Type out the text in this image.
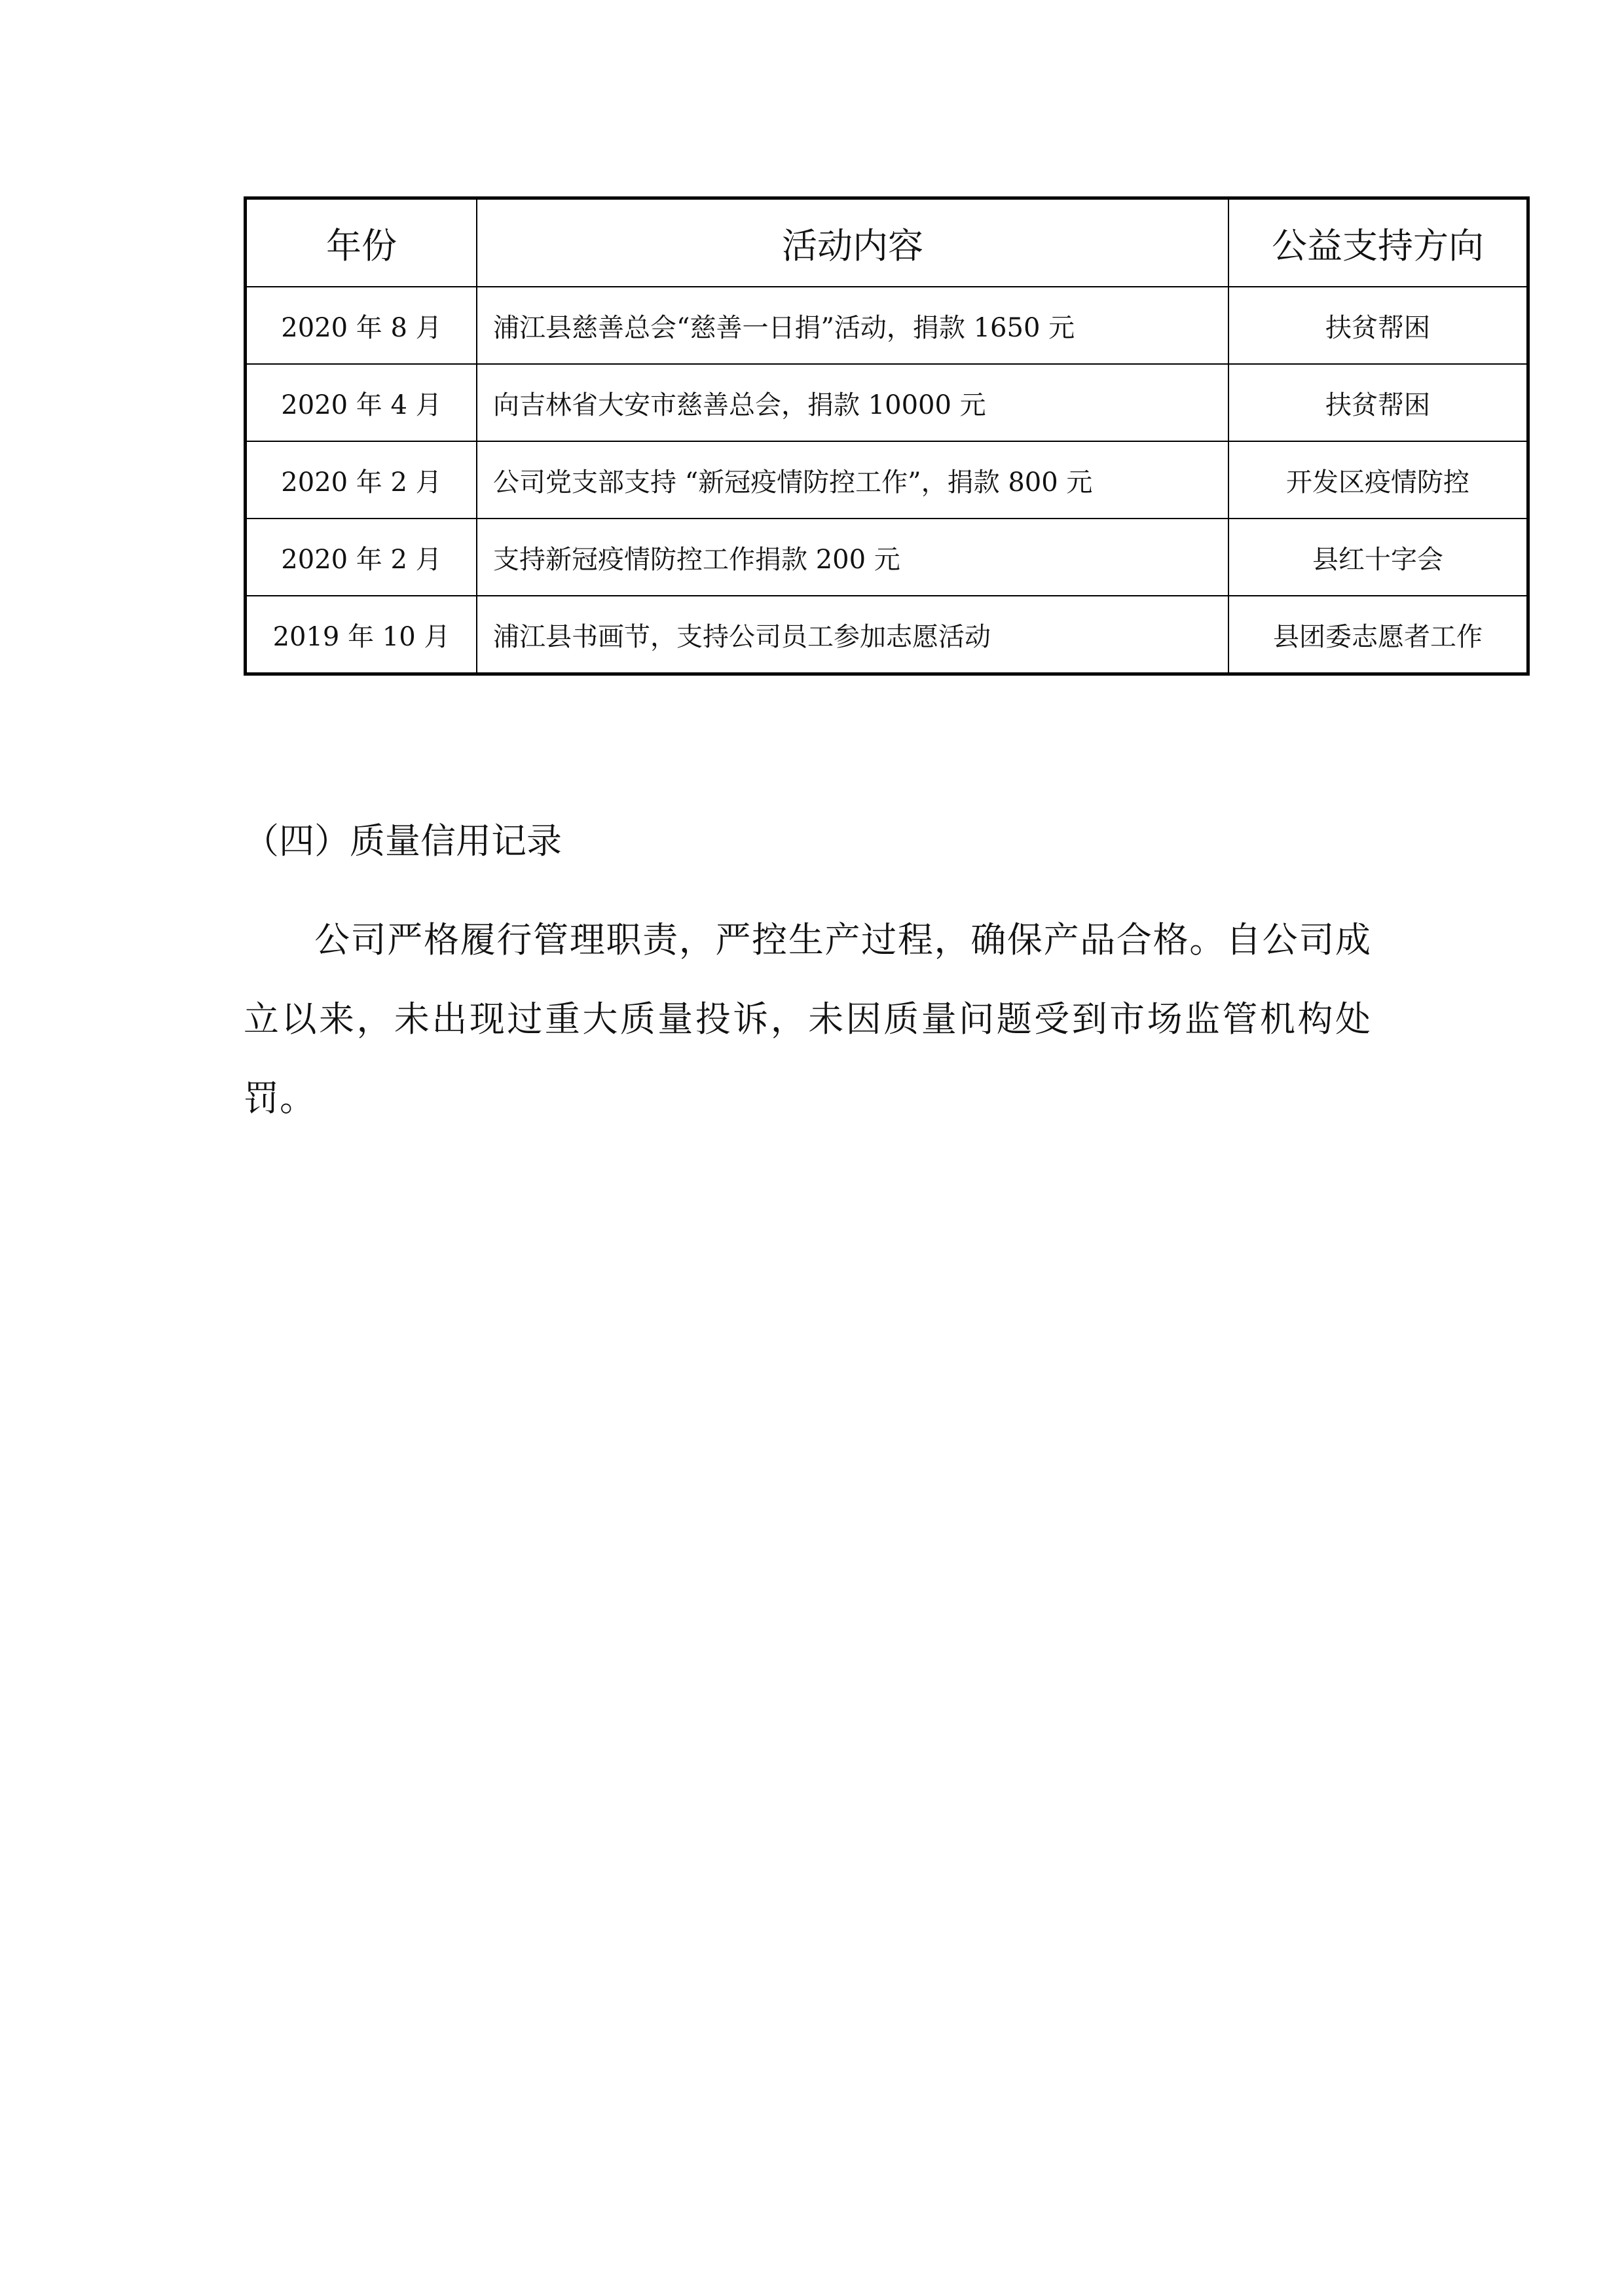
年份	活动内容	公益支持方向
2020 年 8 月	浦江县慈善总会“慈善一日捐”活动，捐款 1650 元	扶贫帮困
2020 年 4 月	向吉林省大安市慈善总会，捐款 10000 元	扶贫帮困
2020 年 2 月	公司党支部支持 “新冠疫情防控工作”，捐款 800 元	开发区疫情防控
2020 年 2 月	支持新冠疫情防控工作捐款 200 元	县红十字会
2019 年 10 月	浦江县书画节，支持公司员工参加志愿活动	县团委志愿者工作
（四）质量信用记录

公司严格履行管理职责，严控生产过程，确保产品合格。自公司成立以来，未出现过重大质量投诉，未因质量问题受到市场监管机构处罚。
